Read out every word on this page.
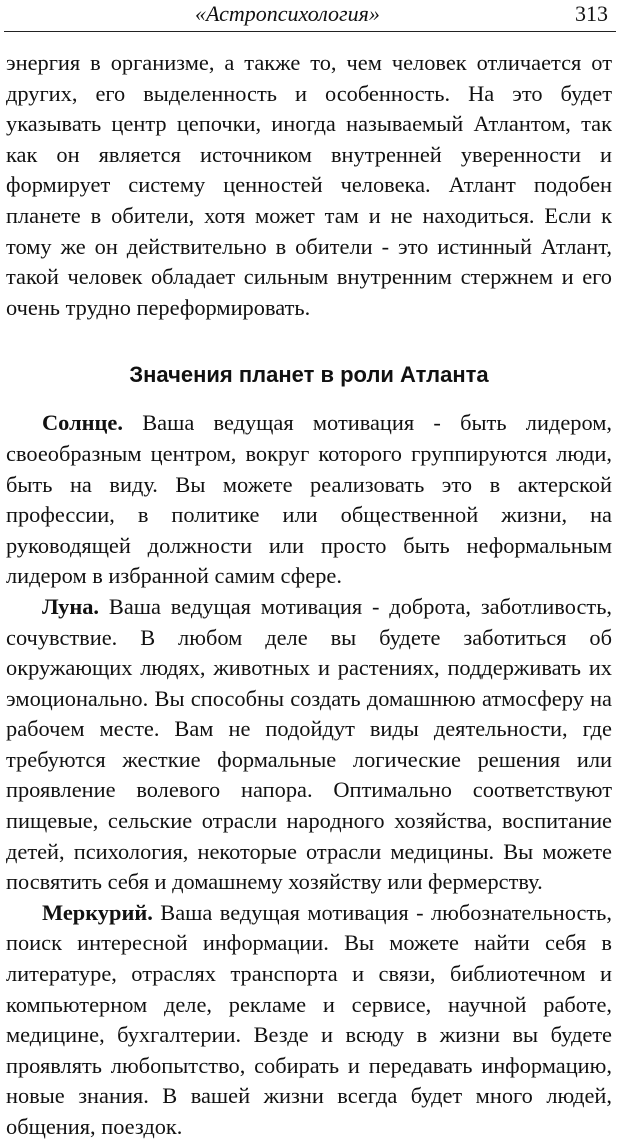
«Астропсихология»	313

энергия в организме, а также то, чем человек отличается от других, его выделенность и особенность. На это будет указывать центр цепочки, иногда называемый Атлантом, так как он является источником внутренней уверенности и формирует систему ценностей человека. Атлант подобен планете в обители, хотя может там и не находиться. Если к тому же он действительно в обители - это истинный Атлант, такой человек обладает сильным внутренним стержнем и его очень трудно переформировать.

Значения планет в роли Атланта

Солнце. Ваша ведущая мотивация - быть лидером, своеобразным центром, вокруг которого группируются люди, быть на виду. Вы можете реализовать это в актерской профессии, в политике или общественной жизни, на руководящей должности или просто быть неформальным лидером в избранной самим сфере.

Луна. Ваша ведущая мотивация - доброта, заботливость, сочувствие. В любом деле вы будете заботиться об окружающих людях, животных и растениях, поддерживать их эмоционально. Вы способны создать домашнюю атмосферу на рабочем месте. Вам не подойдут виды деятельности, где требуются жесткие формальные логические решения или проявление волевого напора. Оптимально соответствуют пищевые, сельские отрасли народного хозяйства, воспитание детей, психология, некоторые отрасли медицины. Вы можете посвятить себя и домашнему хозяйству или фермерству.

Меркурий. Ваша ведущая мотивация - любознательность, поиск интересной информации. Вы можете найти себя в литературе, отраслях транспорта и связи, библиотечном и компьютерном деле, рекламе и сервисе, научной работе, медицине, бухгалтерии. Везде и всюду в жизни вы будете проявлять любопытство, собирать и передавать информацию, новые знания. В вашей жизни всегда будет много людей, общения, поездок.
